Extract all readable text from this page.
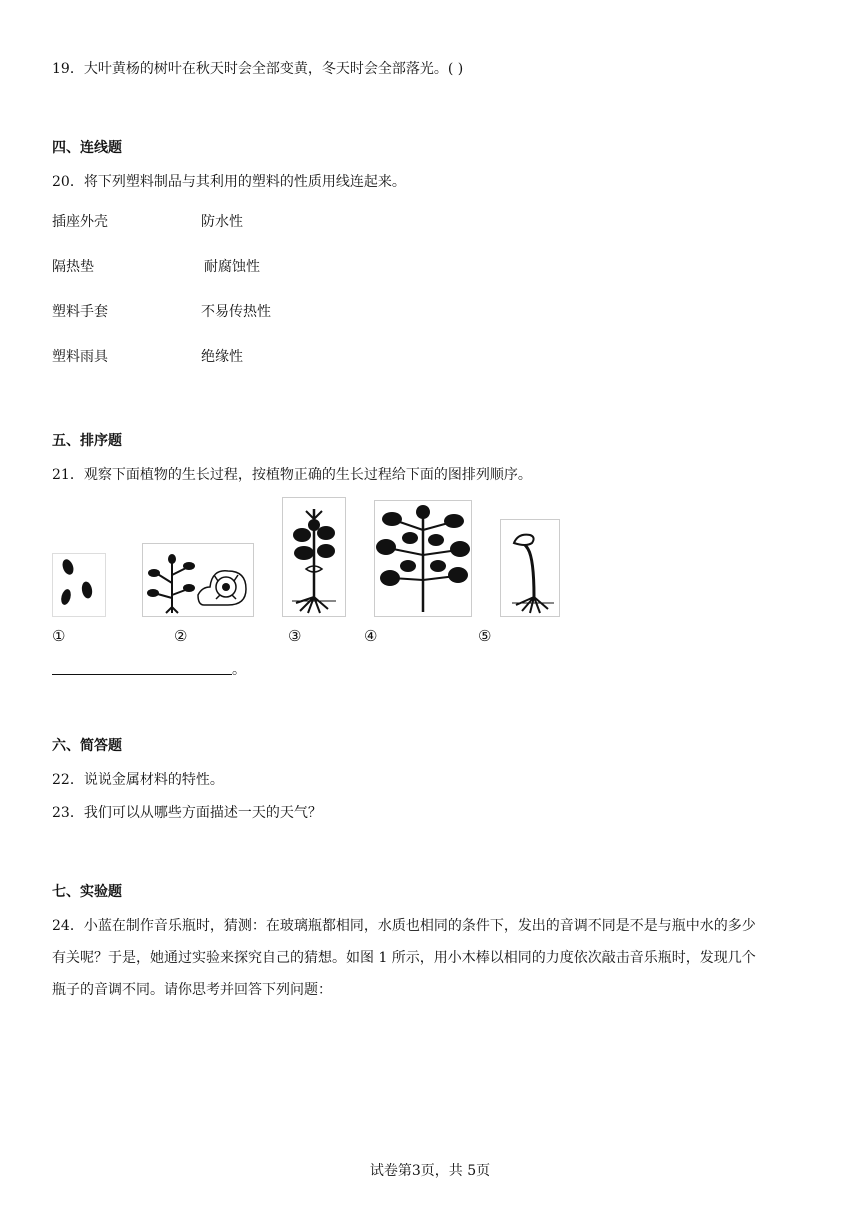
19．大叶黄杨的树叶在秋天时会全部变黄，冬天时会全部落光。( )
四、连线题
20．将下列塑料制品与其利用的塑料的性质用线连起来。
插座外壳	防水性
隔热垫	耐腐蚀性
塑料手套	不易传热性
塑料雨具	绝缘性
五、排序题
21．观察下面植物的生长过程，按植物正确的生长过程给下面的图排列顺序。
①	②	③	④	⑤
。
六、简答题
22．说说金属材料的特性。
23．我们可以从哪些方面描述一天的天气？
七、实验题
24．小蓝在制作音乐瓶时，猜测：在玻璃瓶都相同，水质也相同的条件下，发出的音调不同是不是与瓶中水的多少
有关呢？于是，她通过实验来探究自己的猜想。如图 1 所示，用小木棒以相同的力度依次敲击音乐瓶时，发现几个
瓶子的音调不同。请你思考并回答下列问题：
试卷第3页，共 5页
